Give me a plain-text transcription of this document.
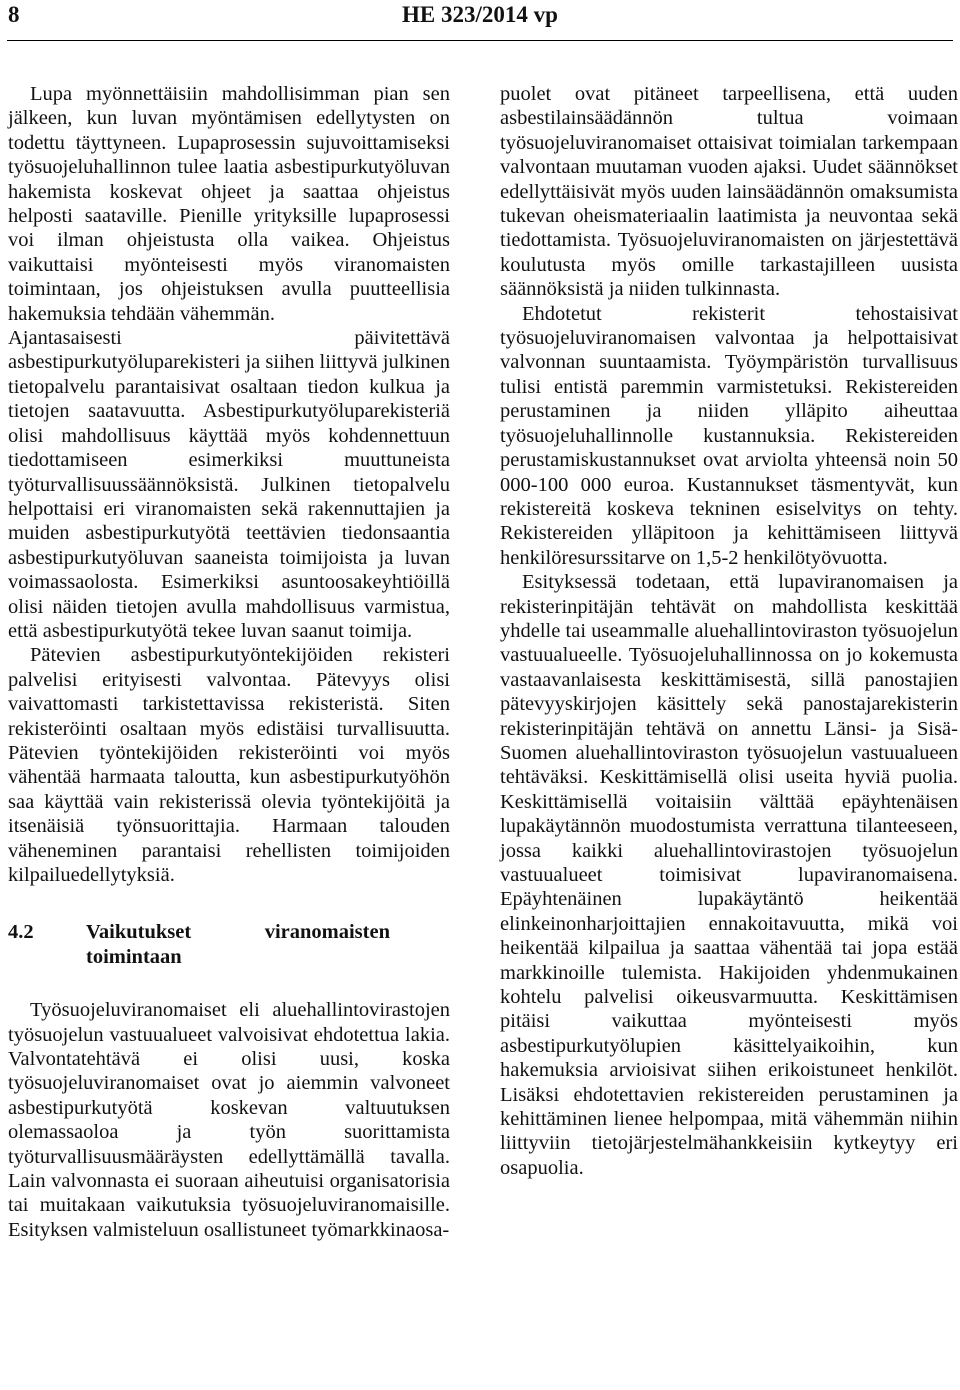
8	HE 323/2014 vp

Lupa myönnettäisiin mahdollisimman pian sen jälkeen, kun luvan myöntämisen edellytysten on todettu täyttyneen. Lupaprosessin sujuvoittamiseksi työsuojeluhallinnon tulee laatia asbestipurkutyöluvan hakemista koskevat ohjeet ja saattaa ohjeistus helposti saataville. Pienille yrityksille lupaprosessi voi ilman ohjeistusta olla vaikea. Ohjeistus vaikuttaisi myönteisesti myös viranomaisten toimintaan, jos ohjeistuksen avulla puutteellisia hakemuksia tehdään vähemmän.

Ajantasaisesti päivitettävä asbestipurkutyöluparekisteri ja siihen liittyvä julkinen tietopalvelu parantaisivat osaltaan tiedon kulkua ja tietojen saatavuutta. Asbestipurkutyöluparekisteriä olisi mahdollisuus käyttää myös kohdennettuun tiedottamiseen esimerkiksi muuttuneista työturvallisuussäännöksistä. Julkinen tietopalvelu helpottaisi eri viranomaisten sekä rakennuttajien ja muiden asbestipurkutyötä teettävien tiedonsaantia asbestipurkutyöluvan saaneista toimijoista ja luvan voimassaolosta. Esimerkiksi asuntoosakeyhtiöillä olisi näiden tietojen avulla mahdollisuus varmistua, että asbestipurkutyötä tekee luvan saanut toimija.

Pätevien asbestipurkutyöntekijöiden rekisteri palvelisi erityisesti valvontaa. Pätevyys olisi vaivattomasti tarkistettavissa rekisteristä. Siten rekisteröinti osaltaan myös edistäisi turvallisuutta. Pätevien työntekijöiden rekisteröinti voi myös vähentää harmaata taloutta, kun asbestipurkutyöhön saa käyttää vain rekisterissä olevia työntekijöitä ja itsenäisiä työnsuorittajia. Harmaan talouden väheneminen parantaisi rehellisten toimijoiden kilpailuedellytyksiä.

4.2	Vaikutukset viranomaisten toimintaan

Työsuojeluviranomaiset eli aluehallintovirastojen työsuojelun vastuualueet valvoisivat ehdotettua lakia. Valvontatehtävä ei olisi uusi, koska työsuojeluviranomaiset ovat jo aiemmin valvoneet asbestipurkutyötä koskevan valtuutuksen olemassaoloa ja työn suorittamista työturvallisuusmääräysten edellyttämällä tavalla. Lain valvonnasta ei suoraan aiheutuisi organisatorisia tai muitakaan vaikutuksia työsuojeluviranomaisille. Esityksen valmisteluun osallistuneet työmarkkinaosa-

puolet ovat pitäneet tarpeellisena, että uuden asbestilainsäädännön tultua voimaan työsuojeluviranomaiset ottaisivat toimialan tarkempaan valvontaan muutaman vuoden ajaksi. Uudet säännökset edellyttäisivät myös uuden lainsäädännön omaksumista tukevan oheismateriaalin laatimista ja neuvontaa sekä tiedottamista. Työsuojeluviranomaisten on järjestettävä koulutusta myös omille tarkastajilleen uusista säännöksistä ja niiden tulkinnasta.

Ehdotetut rekisterit tehostaisivat työsuojeluviranomaisen valvontaa ja helpottaisivat valvonnan suuntaamista. Työympäristön turvallisuus tulisi entistä paremmin varmistetuksi. Rekistereiden perustaminen ja niiden ylläpito aiheuttaa työsuojeluhallinnolle kustannuksia. Rekistereiden perustamiskustannukset ovat arviolta yhteensä noin 50 000-100 000 euroa. Kustannukset täsmentyvät, kun rekistereitä koskeva tekninen esiselvitys on tehty. Rekistereiden ylläpitoon ja kehittämiseen liittyvä henkilöresurssitarve on 1,5-2 henkilötyövuotta.

Esityksessä todetaan, että lupaviranomaisen ja rekisterinpitäjän tehtävät on mahdollista keskittää yhdelle tai useammalle aluehallintoviraston työsuojelun vastuualueelle. Työsuojeluhallinnossa on jo kokemusta vastaavanlaisesta keskittämisestä, sillä panostajien pätevyyskirjojen käsittely sekä panostajarekisterin rekisterinpitäjän tehtävä on annettu Länsi- ja Sisä-Suomen aluehallintoviraston työsuojelun vastuualueen tehtäväksi. Keskittämisellä olisi useita hyviä puolia. Keskittämisellä voitaisiin välttää epäyhtenäisen lupakäytännön muodostumista verrattuna tilanteeseen, jossa kaikki aluehallintovirastojen työsuojelun vastuualueet toimisivat lupaviranomaisena. Epäyhtenäinen lupakäytäntö heikentää elinkeinonharjoittajien ennakoitavuutta, mikä voi heikentää kilpailua ja saattaa vähentää tai jopa estää markkinoille tulemista. Hakijoiden yhdenmukainen kohtelu palvelisi oikeusvarmuutta. Keskittämisen pitäisi vaikuttaa myönteisesti myös asbestipurkutyölupien käsittelyaikoihin, kun hakemuksia arvioisivat siihen erikoistuneet henkilöt. Lisäksi ehdotettavien rekistereiden perustaminen ja kehittäminen lienee helpompaa, mitä vähemmän niihin liittyviin tietojärjestelmähankkeisiin kytkeytyy eri osapuolia.
